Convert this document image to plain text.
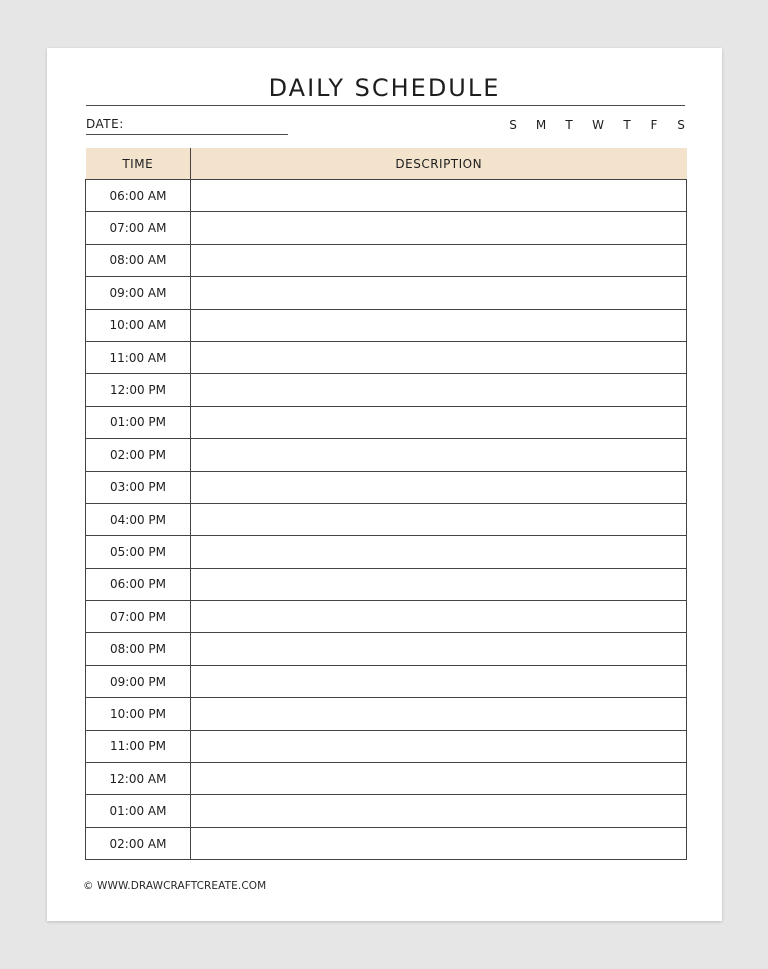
DAILY SCHEDULE
DATE:	S	M	T	W	T	F	S
TIME	DESCRIPTION
06:00 AM	
07:00 AM	
08:00 AM	
09:00 AM	
10:00 AM	
11:00 AM	
12:00 PM	
01:00 PM	
02:00 PM	
03:00 PM	
04:00 PM	
05:00 PM	
06:00 PM	
07:00 PM	
08:00 PM	
09:00 PM	
10:00 PM	
11:00 PM	
12:00 AM	
01:00 AM	
02:00 AM	
© WWW.DRAWCRAFTCREATE.COM
